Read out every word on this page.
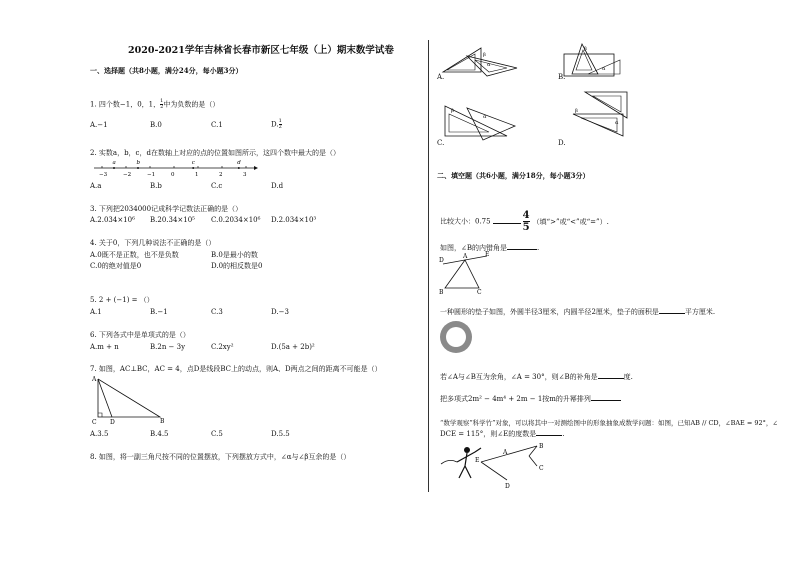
2020-2021学年吉林省长春市新区七年级（上）期末数学试卷
一、选择题（共8小题，满分24分，每小题3分）
1. 四个数−1，0，1， $\frac{1}{2}$ 中为负数的是（）
A.−1	B.0	C.1	D. $\frac{1}{2}$
2. 实数a，b，c，d在数轴上对应的点的位置如图所示，这四个数中最大的是（）
−3	−2	−1	0	1	2	3
a	b	c	d
A.a	B.b	C.c	D.d
3. 下列把2034000记成科学记数法正确的是（）
A.2.034×10⁶ B.20.34×10⁵ C.0.2034×10⁶ D.2.034×10³
4. 关于0，下列几种说法不正确的是（）
A.0既不是正数，也不是负数	B.0是最小的数
C.0的绝对值是0	D.0的相反数是0
5. 2 + (−1) = （）
A.1	B.−1	C.3	D.−3
6. 下列各式中是单项式的是（）
A.m + n	B.2n − 3y	C.2xy²	D.(5a + 2b)²
7. 如图，AC⊥BC，AC = 4，点D是线段BC上的动点，则A、D两点之间的距离不可能是（）
A
C D	B
A.3.5	B.4.5	C.5	D.5.5
8. 如图，将一副三角尺按不同的位置摆放，下列摆放方式中，∠α与∠β互余的是（）
β
α
A.
β
α
B.
β
α
C.
β
α
D.
二、填空题（共6小题，满分18分，每小题3分）
比较大小：0.75	$\frac{4}{5}$ （填“>”或“<”或“=”）.
如图，∠B的内错角是	.
D
A	E
B	C
一种圆形的垫子如图，外圆半径3厘米，内圆半径2厘米，垫子的面积是	平方厘米.
若∠A与∠B互为余角，∠A = 30°，则∠B的补角是	度.
把多项式2m² − 4m⁴ + 2m − 1按m的升幂排列
“数学观察”科学竹”对象，可以将其中一对测绘图中的形象抽象成数学问题：如图，已知AB // CD，∠BAE = 92°，∠
DCE = 115°，则∠E的度数是	.
E
A
B
C
D
